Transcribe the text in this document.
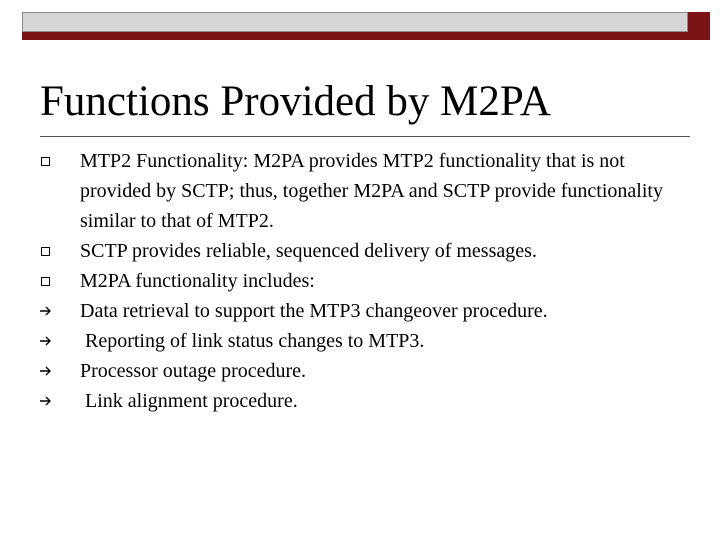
Functions Provided by M2PA
MTP2 Functionality: M2PA provides MTP2 functionality that is not provided by SCTP; thus, together M2PA and SCTP provide functionality similar to that of MTP2.
SCTP provides reliable, sequenced delivery of messages.
M2PA functionality includes:
Data retrieval to support the MTP3 changeover procedure.
Reporting of link status changes to MTP3.
Processor outage procedure.
Link alignment procedure.
